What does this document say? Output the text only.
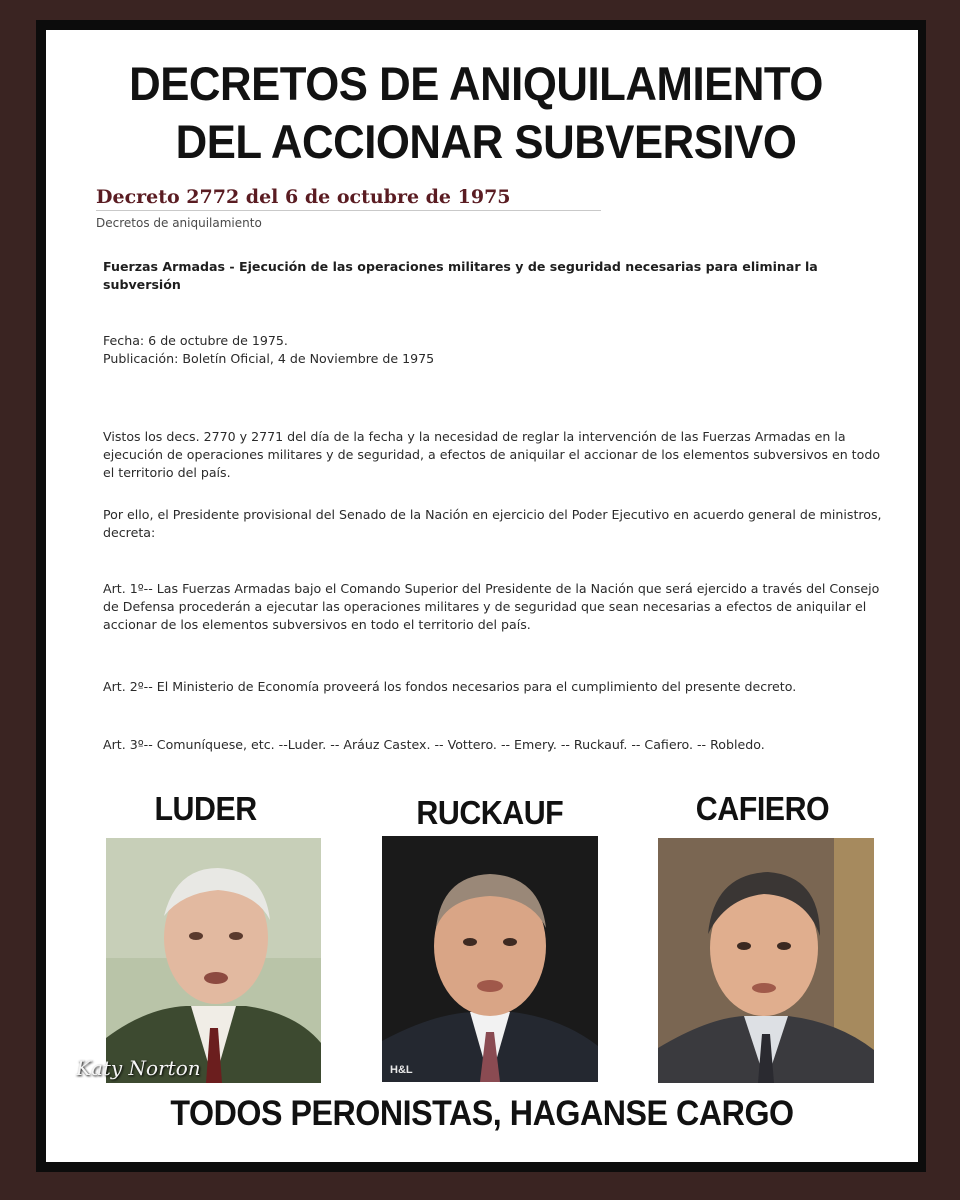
DECRETOS DE ANIQUILAMIENTO
DEL ACCIONAR SUBVERSIVO
Decreto 2772 del 6 de octubre de 1975
Decretos de aniquilamiento
Fuerzas Armadas - Ejecución de las operaciones militares y de seguridad necesarias para eliminar la subversión
Fecha: 6 de octubre de 1975.
Publicación: Boletín Oficial, 4 de Noviembre de 1975
Vistos los decs. 2770 y 2771 del día de la fecha y la necesidad de reglar la intervención de las Fuerzas Armadas en la ejecución de operaciones militares y de seguridad, a efectos de aniquilar el accionar de los elementos subversivos en todo el territorio del país.
Por ello, el Presidente provisional del Senado de la Nación en ejercicio del Poder Ejecutivo en acuerdo general de ministros, decreta:
Art. 1º-- Las Fuerzas Armadas bajo el Comando Superior del Presidente de la Nación que será ejercido a través del Consejo de Defensa procederán a ejecutar las operaciones militares y de seguridad que sean necesarias a efectos de aniquilar el accionar de los elementos subversivos en todo el territorio del país.
Art. 2º-- El Ministerio de Economía proveerá los fondos necesarios para el cumplimiento del presente decreto.
Art. 3º-- Comuníquese, etc. --Luder. -- Aráuz Castex. -- Vottero. -- Emery. -- Ruckauf. -- Cafiero. -- Robledo.
LUDER	RUCKAUF	CAFIERO
Katy Norton	H&L
TODOS PERONISTAS, HAGANSE CARGO
